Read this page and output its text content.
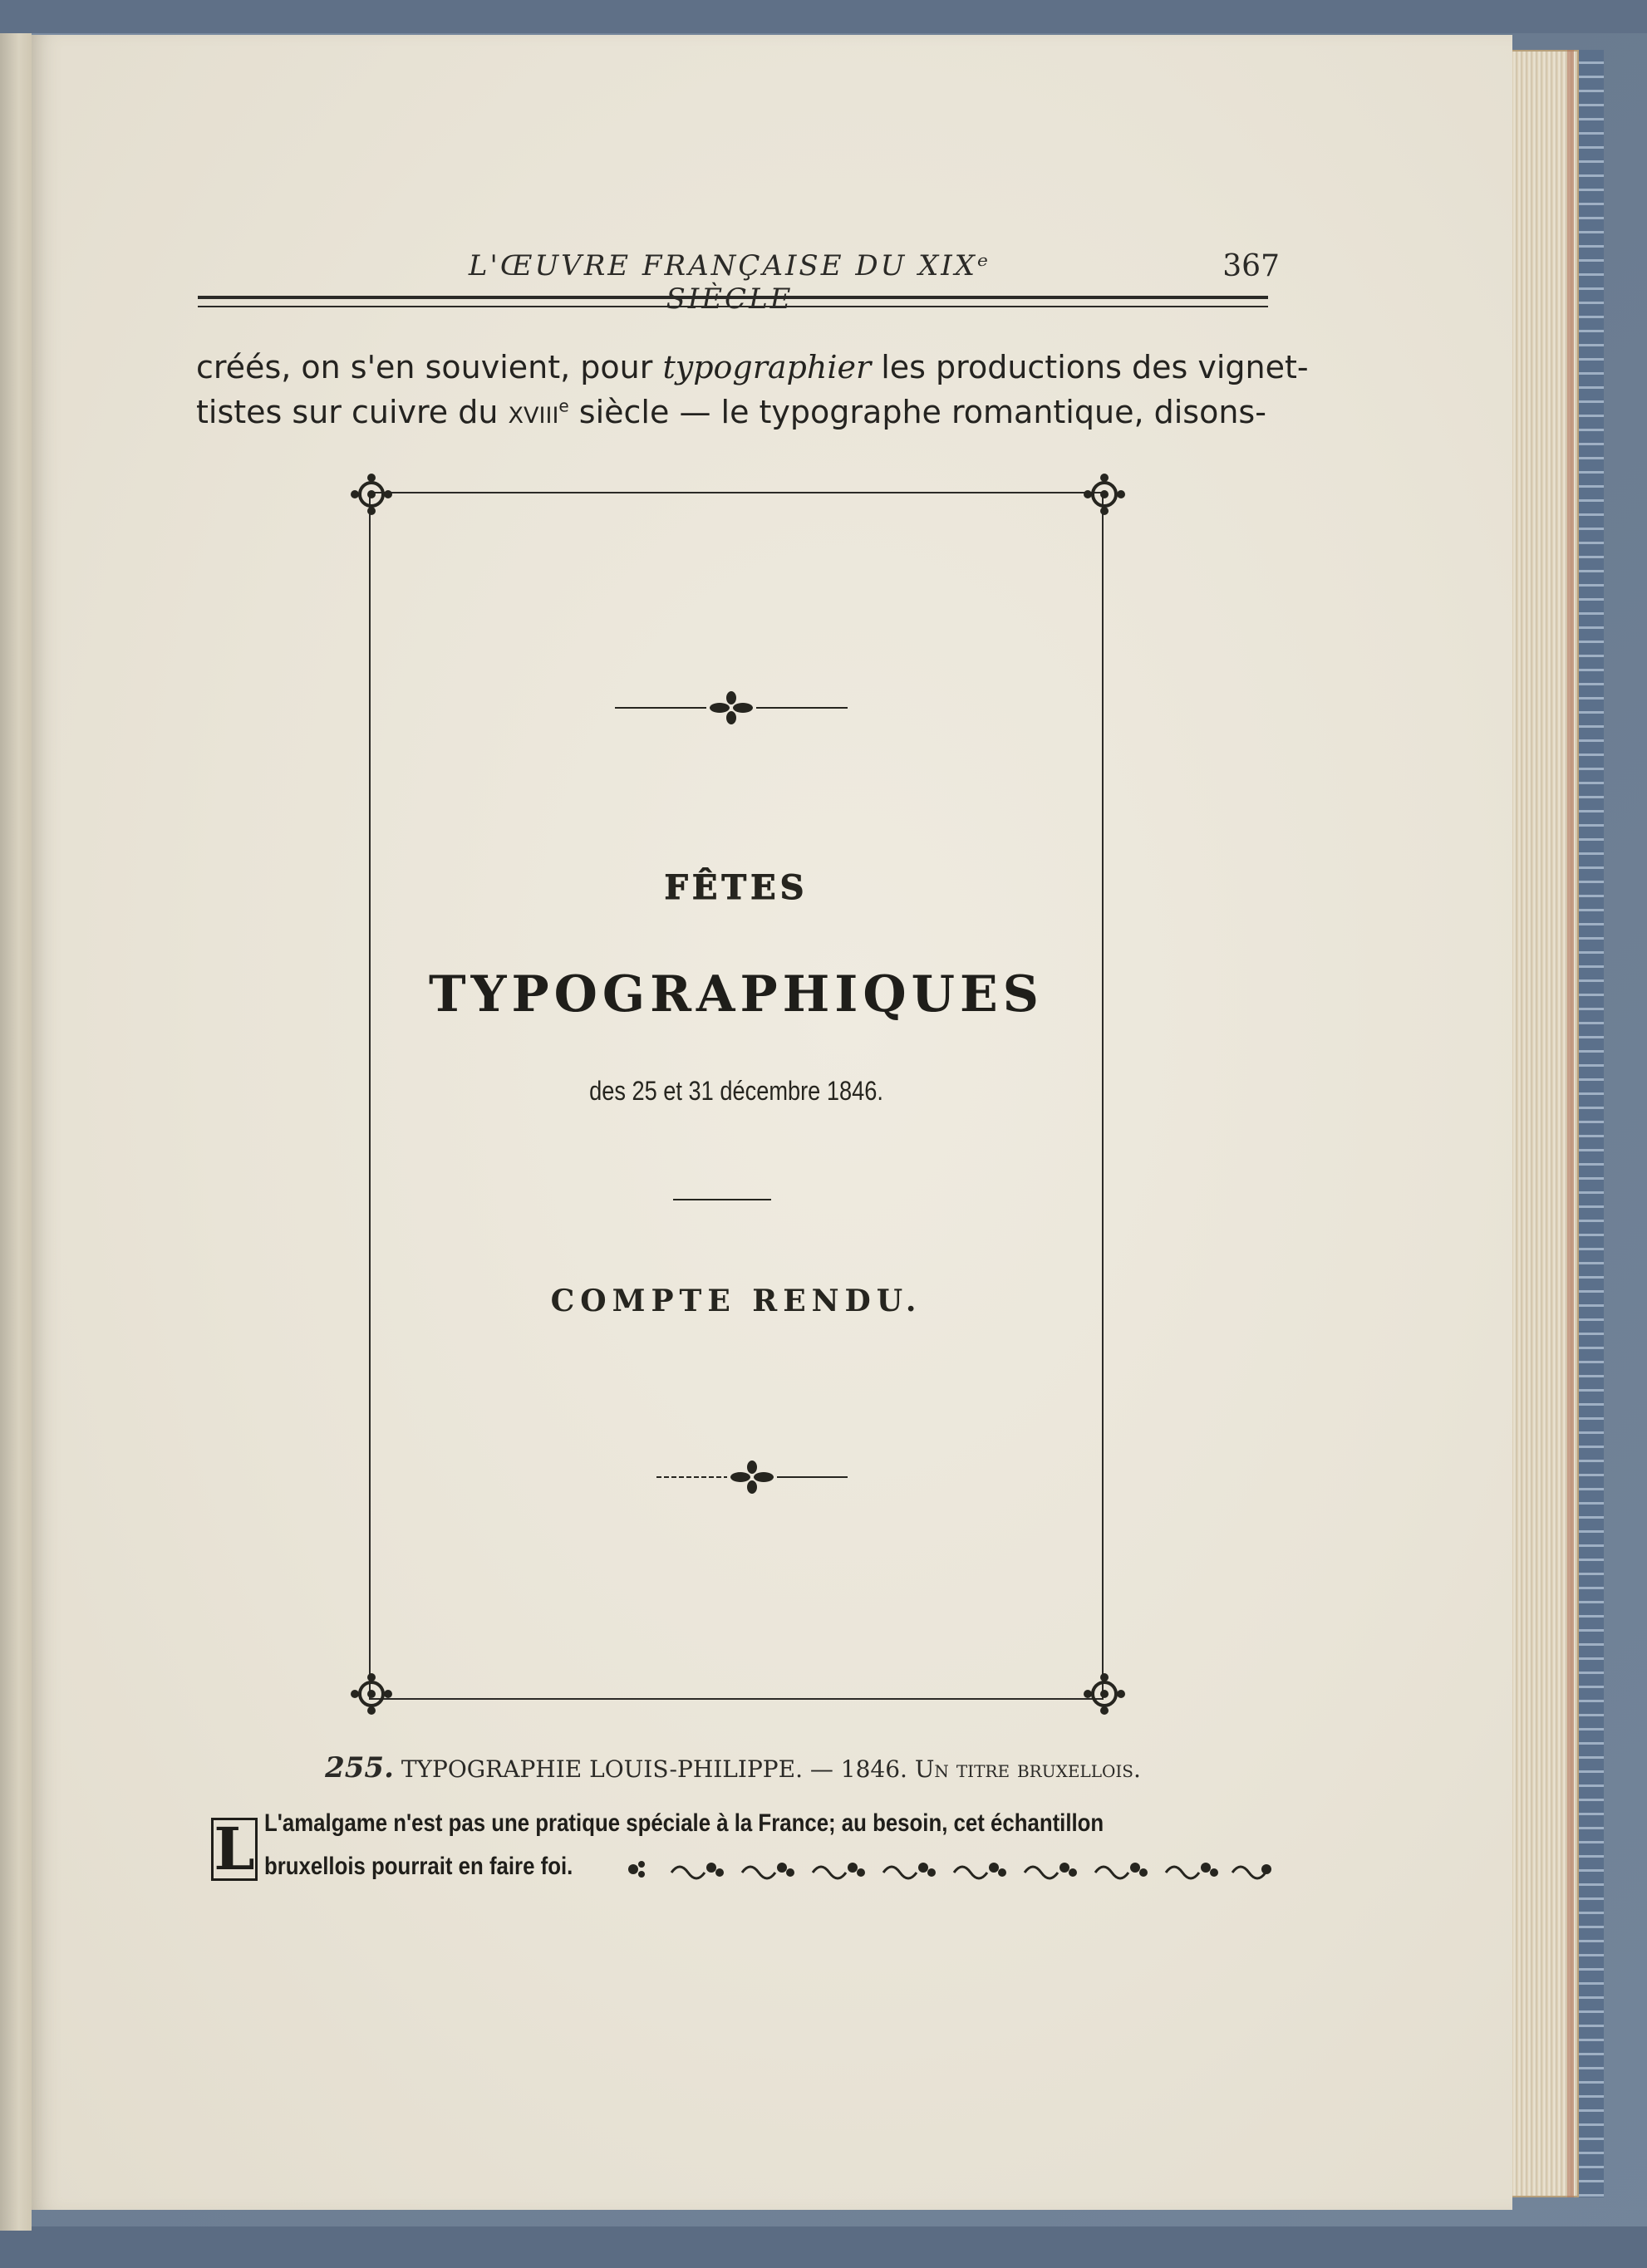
L'ŒUVRE FRANÇAISE DU XIXᵉ SIÈCLE
367
créés, on s'en souvient, pour typographier les productions des vignet-
tistes sur cuivre du xviii$^e$ siècle — le typographe romantique, disons-
FÊTES
TYPOGRAPHIQUES
des 25 et 31 décembre 1846.
COMPTE RENDU.
255. TYPOGRAPHIE LOUIS-PHILIPPE. — 1846. Un titre bruxellois.
L L'amalgame n'est pas une pratique spéciale à la France; au besoin, cet échantillon
bruxellois pourrait en faire foi.
